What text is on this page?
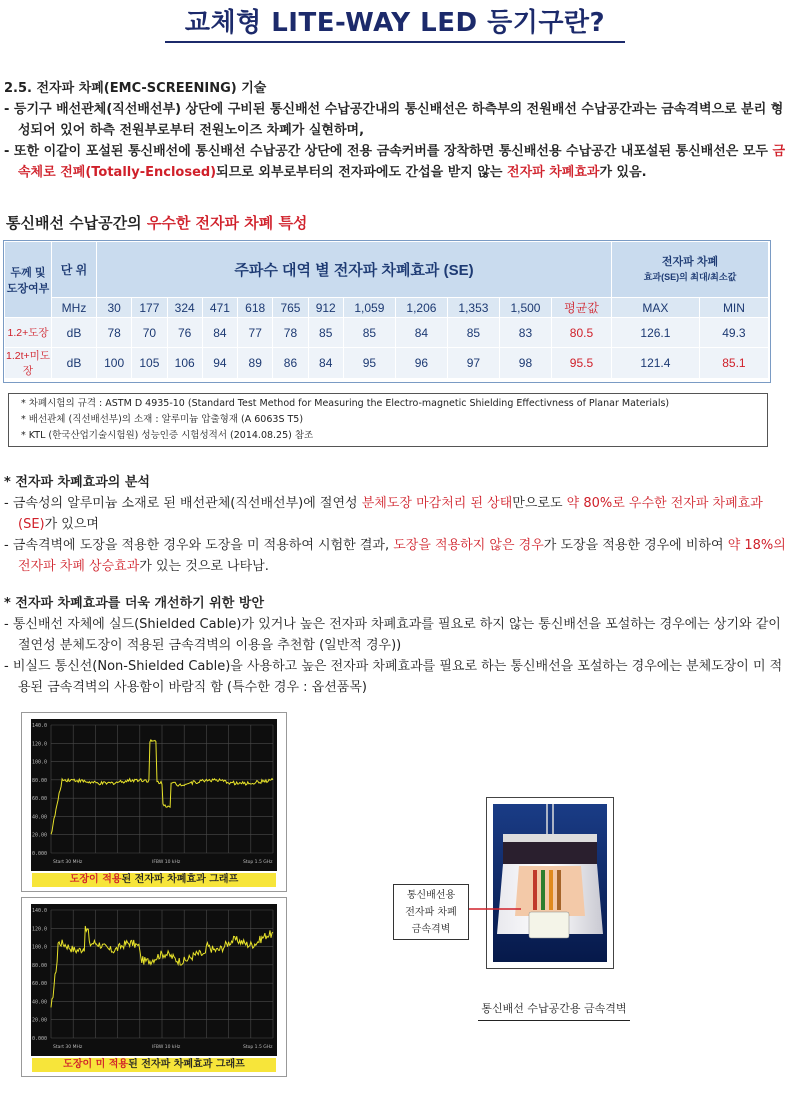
교체형 LITE-WAY LED 등기구란?
2.5. 전자파 차폐(EMC-SCREENING) 기술

- 등기구 배선관체(직선배선부) 상단에 구비된 통신배선 수납공간내의 통신배선은 하측부의 전원배선 수납공간과는 금속격벽으로 분리 형성되어 있어 하측 전원부로부터 전원노이즈 차폐가 실현하며,

- 또한 이같이 포설된 통신배선에 통신배선 수납공간 상단에 전용 금속커버를 장착하면 통신배선용 수납공간 내포설된 통신배선은 모두 금속체로 전폐(Totally-Enclosed)되므로 외부로부터의 전자파에도 간섭을 받지 않는 전자파 차폐효과가 있음.

통신배선 수납공간의 우수한 전자파 차폐 특성
두께 및 도장여부	단 위	주파수 대역 별 전자파 차폐효과 (SE)												전자파 차폐
효과(SE)의 최대/최소값	
	MHz	30	177	324	471	618	765	912	1,059	1,206	1,353	1,500	평균값	MAX	MIN
1.2+도장	dB	78	70	76	84	77	78	85	85	84	85	83	80.5	126.1	49.3
1.2t+미도장	dB	100	105	106	94	89	86	84	95	96	97	98	95.5	121.4	85.1
* 차폐시험의 규격 : ASTM D 4935-10 (Standard Test Method for Measuring the Electro-magnetic Shielding Effectivness of Planar Materials)
* 배선관체 (직선배선부)의 소재 : 알루미늄 압출형재 (A 6063S T5)
* KTL (한국산업기술시험원) 성능인증 시험성적서 (2014.08.25) 참조
* 전자파 차폐효과의 분석

- 금속성의 알루미늄 소재로 된 배선관체(직선배선부)에 절연성 분체도장 마감처리 된 상태만으로도 약 80%로 우수한 전자파 차폐효과(SE)가 있으며

- 금속격벽에 도장을 적용한 경우와 도장을 미 적용하여 시험한 결과, 도장을 적용하지 않은 경우가 도장을 적용한 경우에 비하여 약 18%의 전자파 차폐 상승효과가 있는 것으로 나타남.

* 전자파 차폐효과를 더욱 개선하기 위한 방안

- 통신배선 자체에 실드(Shielded Cable)가 있거나 높은 전자파 차폐효과를 필요로 하지 않는 통신배선을 포설하는 경우에는 상기와 같이 절연성 분체도장이 적용된 금속격벽의 이용을 추천함 (일반적 경우))

- 비실드 통신선(Non-Shielded Cable)을 사용하고 높은 전자파 차폐효과를 필요로 하는 통신배선을 포설하는 경우에는 분체도장이 미 적용된 금속격벽의 사용함이 바람직 함 (특수한 경우 : 옵션품목)

140.0
120.0
100.0
80.00
60.00
40.00
20.00
0.000
Start 30 MHz	IFBW 10 kHz	Stop 1.5 GHz
도장이 적용된 전자파 차폐효과 그래프
140.0
120.0
100.0
80.00
60.00
40.00
20.00
0.000
Start 30 MHz	IFBW 10 kHz	Stop 1.5 GHz
도장이 미 적용된 전자파 차폐효과 그래프
통신배선용
전자파 차폐
금속격벽
통신배선 수납공간용 금속격벽
